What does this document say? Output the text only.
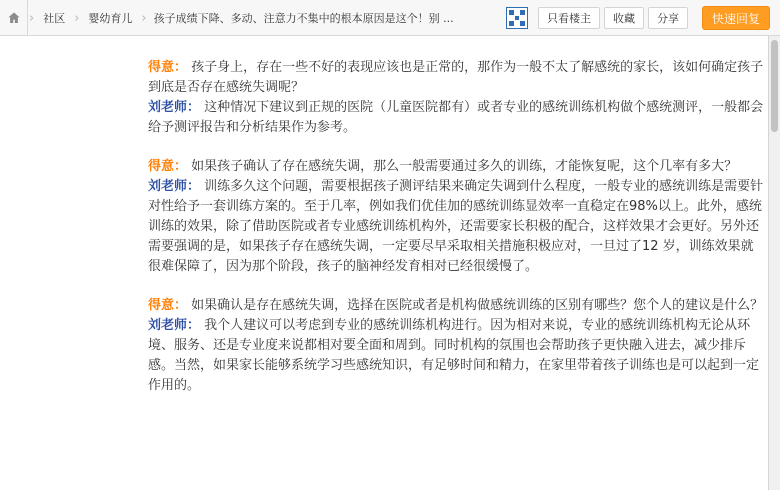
› 社区 › 婴幼育儿 › 孩子成绩下降、多动、注意力不集中的根本原因是这个！别 ...	只看楼主	收藏	分享	快速回复
得意： 孩子身上，存在一些不好的表现应该也是正常的，那作为一般不太了解感统的家长，该如何确定孩子到底是否存在感统失调呢？
刘老师： 这种情况下建议到正规的医院（儿童医院都有）或者专业的感统训练机构做个感统测评，一般都会给予测评报告和分析结果作为参考。
得意： 如果孩子确认了存在感统失调，那么一般需要通过多久的训练，才能恢复呢，这个几率有多大？
刘老师： 训练多久这个问题，需要根据孩子测评结果来确定失调到什么程度，一般专业的感统训练是需要针对性给予一套训练方案的。至于几率，例如我们优佳加的感统训练显效率一直稳定在98%以上。此外，感统训练的效果，除了借助医院或者专业感统训练机构外，还需要家长积极的配合，这样效果才会更好。另外还需要强调的是，如果孩子存在感统失调，一定要尽早采取相关措施积极应对，一旦过了12 岁，训练效果就很难保障了，因为那个阶段，孩子的脑神经发育相对已经很缓慢了。
得意： 如果确认是存在感统失调，选择在医院或者是机构做感统训练的区别有哪些？您个人的建议是什么？
刘老师： 我个人建议可以考虑到专业的感统训练机构进行。因为相对来说，专业的感统训练机构无论从环境、服务、还是专业度来说都相对要全面和周到。同时机构的氛围也会帮助孩子更快融入进去，减少排斥感。当然，如果家长能够系统学习些感统知识，有足够时间和精力，在家里带着孩子训练也是可以起到一定作用的。
